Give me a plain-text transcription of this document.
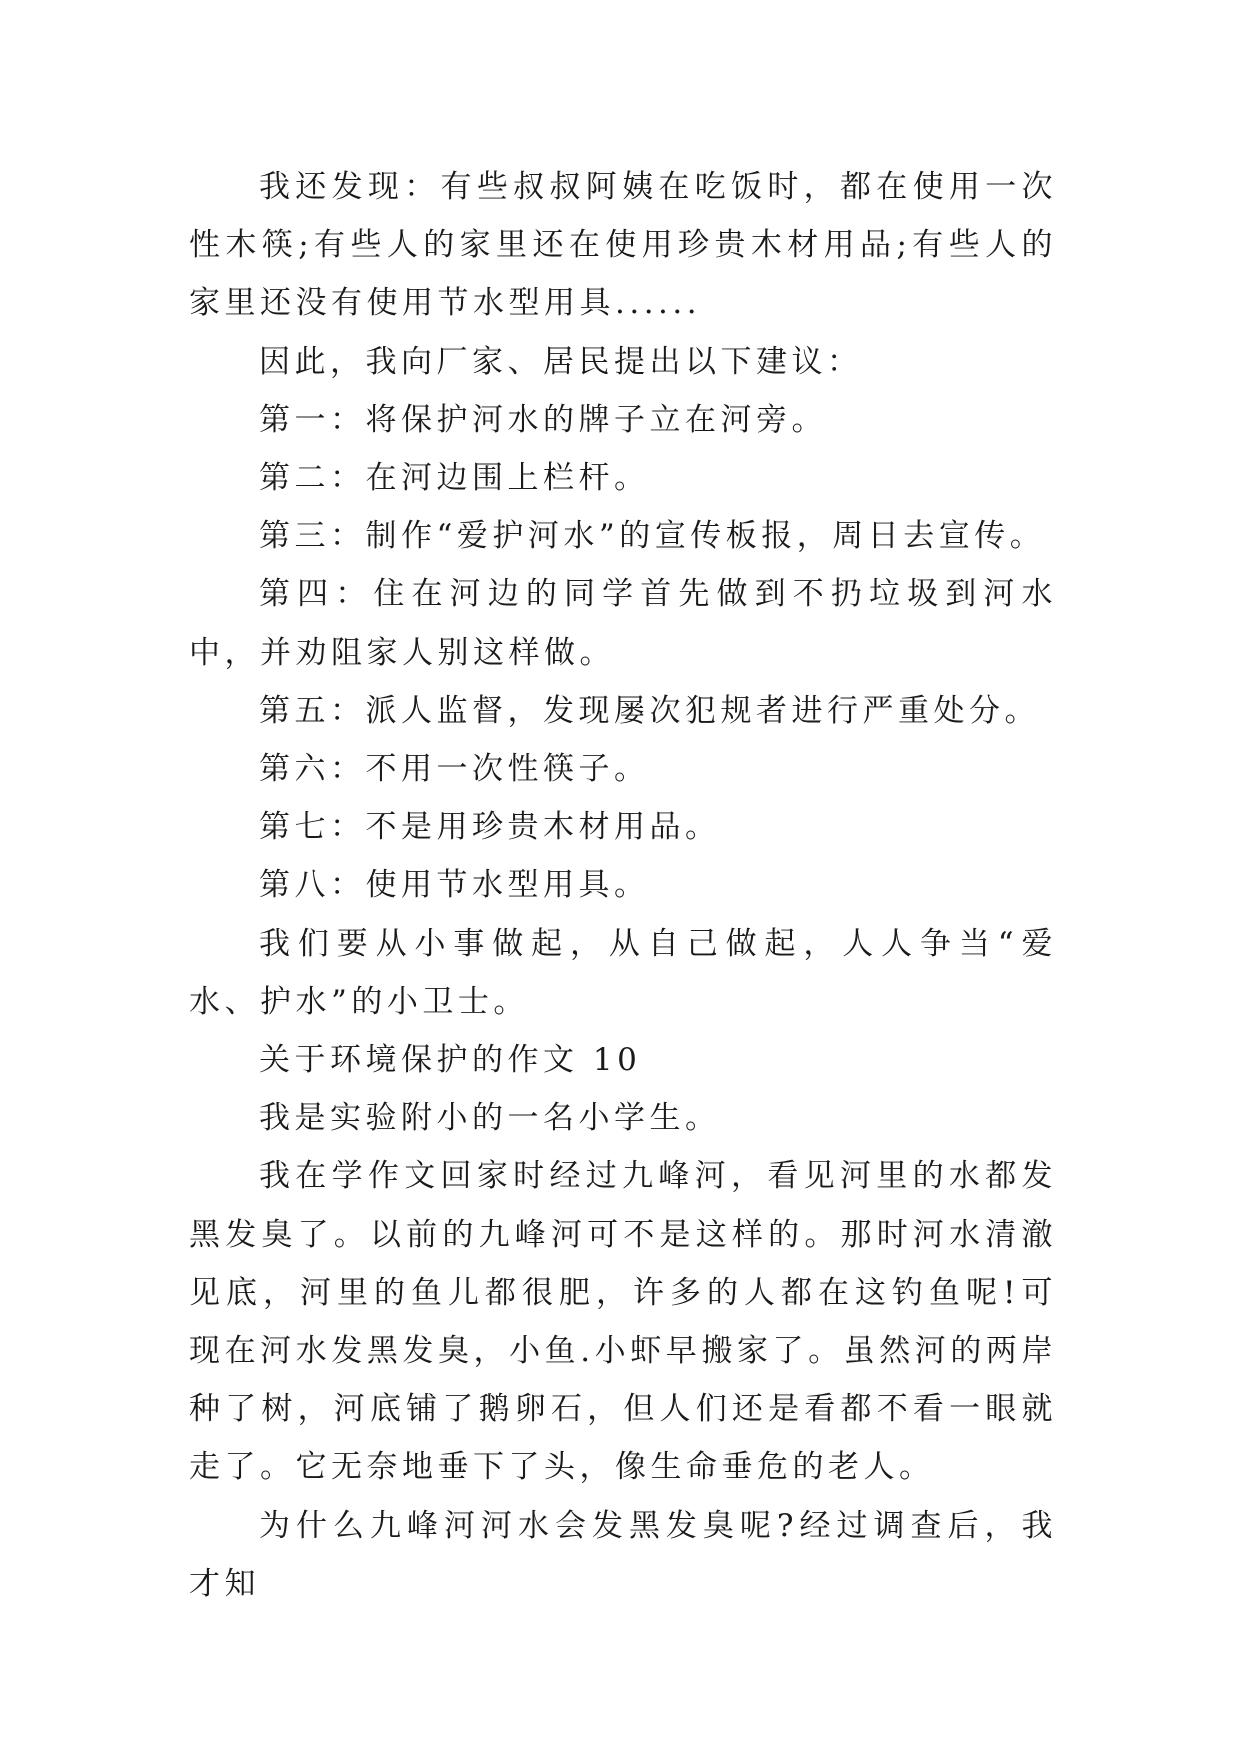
我还发现：有些叔叔阿姨在吃饭时，都在使用一次性木筷;有些人的家里还在使用珍贵木材用品;有些人的家里还没有使用节水型用具......

因此，我向厂家、居民提出以下建议：

第一：将保护河水的牌子立在河旁。

第二：在河边围上栏杆。

第三：制作“爱护河水”的宣传板报，周日去宣传。

第四：住在河边的同学首先做到不扔垃圾到河水中，并劝阻家人别这样做。

第五：派人监督，发现屡次犯规者进行严重处分。

第六：不用一次性筷子。

第七：不是用珍贵木材用品。

第八：使用节水型用具。

我们要从小事做起，从自己做起，人人争当“爱水、护水”的小卫士。

关于环境保护的作文 10

我是实验附小的一名小学生。

我在学作文回家时经过九峰河，看见河里的水都发黑发臭了。以前的九峰河可不是这样的。那时河水清澈见底，河里的鱼儿都很肥，许多的人都在这钓鱼呢!可现在河水发黑发臭，小鱼.小虾早搬家了。虽然河的两岸种了树，河底铺了鹅卵石，但人们还是看都不看一眼就走了。它无奈地垂下了头，像生命垂危的老人。

为什么九峰河河水会发黑发臭呢?经过调查后，我才知
